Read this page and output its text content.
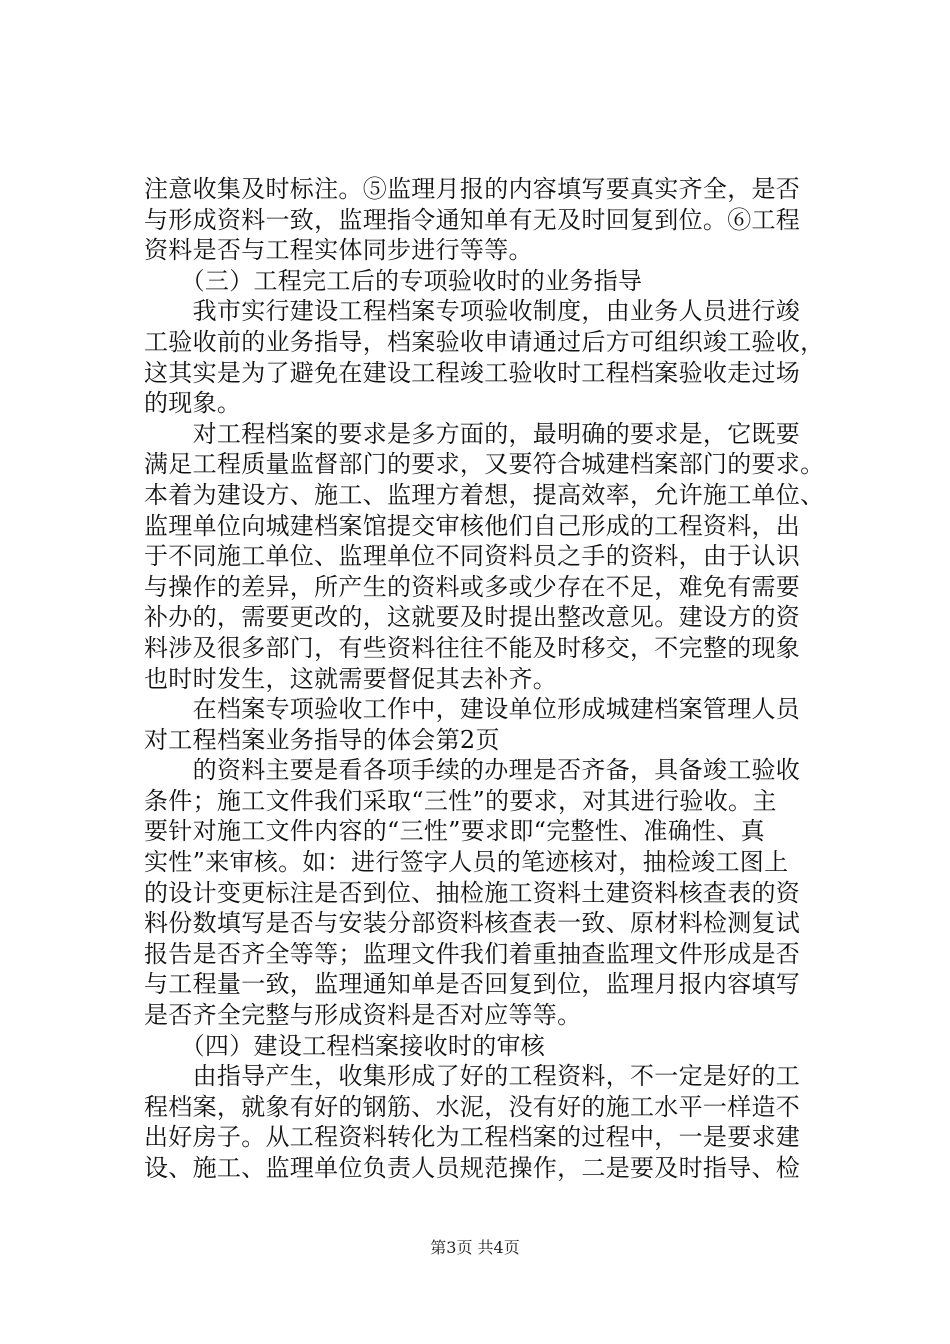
注意收集及时标注。⑤监理月报的内容填写要真实齐全，是否
与形成资料一致，监理指令通知单有无及时回复到位。⑥工程
资料是否与工程实体同步进行等等。
　　（三）工程完工后的专项验收时的业务指导
　　我市实行建设工程档案专项验收制度，由业务人员进行竣
工验收前的业务指导，档案验收申请通过后方可组织竣工验收，
这其实是为了避免在建设工程竣工验收时工程档案验收走过场
的现象。
　　对工程档案的要求是多方面的，最明确的要求是，它既要
满足工程质量监督部门的要求，又要符合城建档案部门的要求。
本着为建设方、施工、监理方着想，提高效率，允许施工单位、
监理单位向城建档案馆提交审核他们自己形成的工程资料，出
于不同施工单位、监理单位不同资料员之手的资料，由于认识
与操作的差异，所产生的资料或多或少存在不足，难免有需要
补办的，需要更改的，这就要及时提出整改意见。建设方的资
料涉及很多部门，有些资料往往不能及时移交，不完整的现象
也时时发生，这就需要督促其去补齐。
　　在档案专项验收工作中，建设单位形成城建档案管理人员
对工程档案业务指导的体会第2页
　　的资料主要是看各项手续的办理是否齐备，具备竣工验收
条件；施工文件我们采取“三性”的要求，对其进行验收。主
要针对施工文件内容的“三性”要求即“完整性、准确性、真
实性”来审核。如：进行签字人员的笔迹核对，抽检竣工图上
的设计变更标注是否到位、抽检施工资料土建资料核查表的资
料份数填写是否与安装分部资料核查表一致、原材料检测复试
报告是否齐全等等；监理文件我们着重抽查监理文件形成是否
与工程量一致，监理通知单是否回复到位，监理月报内容填写
是否齐全完整与形成资料是否对应等等。
　　（四）建设工程档案接收时的审核
　　由指导产生，收集形成了好的工程资料，不一定是好的工
程档案，就象有好的钢筋、水泥，没有好的施工水平一样造不
出好房子。从工程资料转化为工程档案的过程中，一是要求建
设、施工、监理单位负责人员规范操作，二是要及时指导、检
第3页 共4页
